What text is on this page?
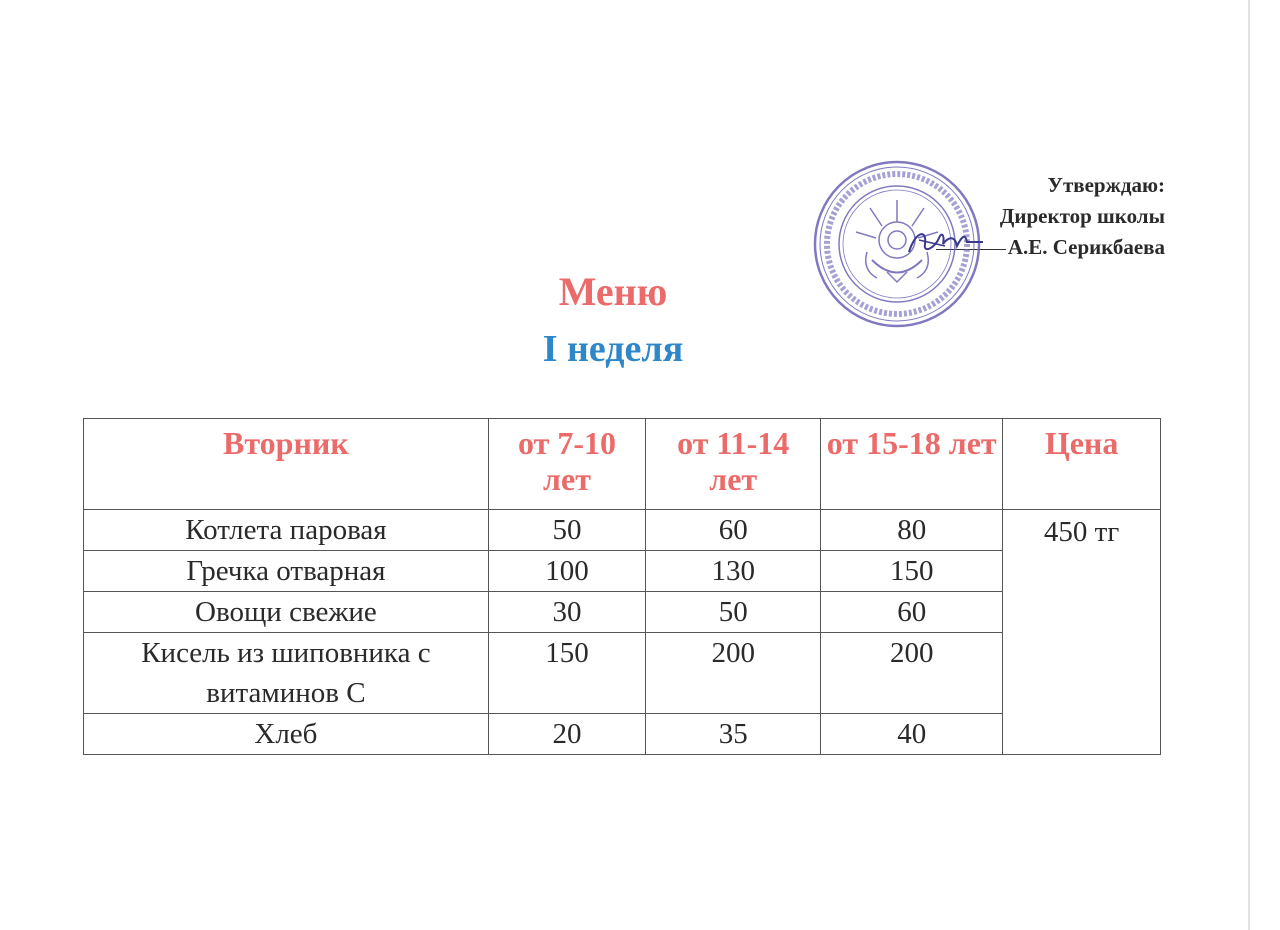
Утверждаю:
Директор школы
А.Е. Серикбаева
Меню
I неделя
Вторник	от 7-10 лет	от 11-14 лет	от 15-18 лет	Цена
Котлета паровая	50	60	80	450 тг
Гречка отварная	100	130	150	
Овощи свежие	30	50	60	
Кисель из шиповника с витаминов С	150	200	200	
Хлеб	20	35	40	
